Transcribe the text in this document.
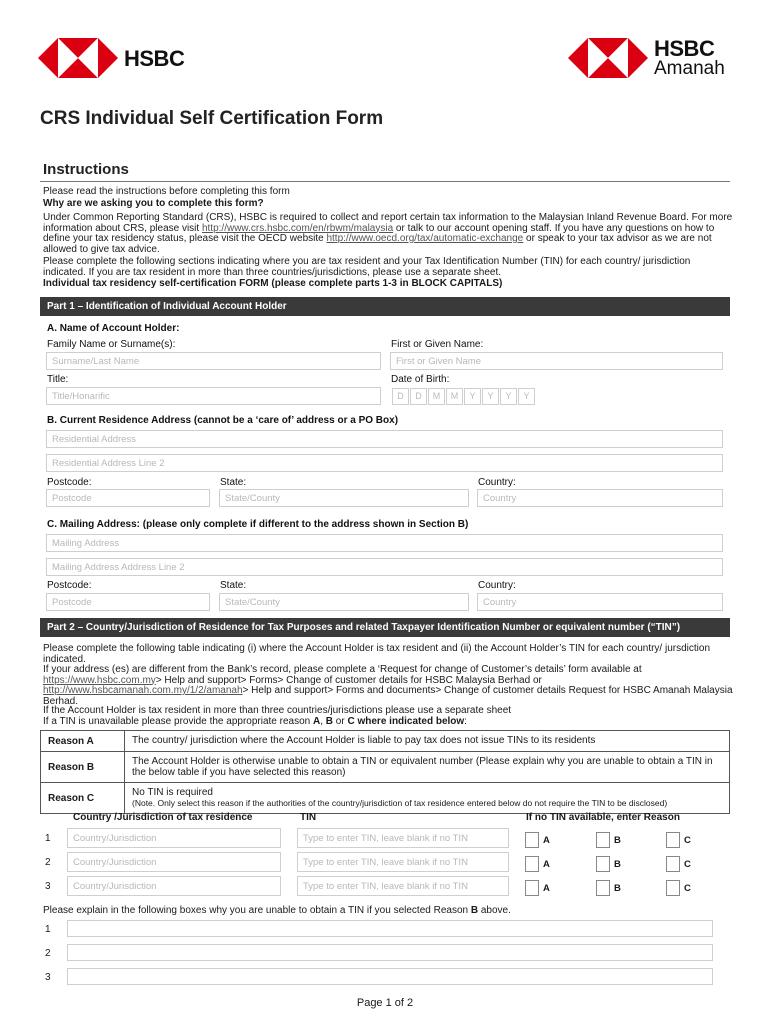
HSBC	HSBC
Amanah
CRS Individual Self Certification Form
Instructions
Please read the instructions before completing this form
Why are we asking you to complete this form?
Under Common Reporting Standard (CRS), HSBC is required to collect and report certain tax information to the Malaysian Inland Revenue Board. For more information about CRS, please visit http://www.crs.hsbc.com/en/rbwm/malaysia or talk to our account opening staff. If you have any questions on how to define your tax residency status, please visit the OECD website http://www.oecd.org/tax/automatic-exchange or speak to your tax advisor as we are not allowed to give tax advice.
Please complete the following sections indicating where you are tax resident and your Tax Identification Number (TIN) for each country/ jurisdiction indicated. If you are tax resident in more than three countries/jurisdictions, please use a separate sheet.
Individual tax residency self-certification FORM (please complete parts 1-3 in BLOCK CAPITALS)
Part 1 – Identification of Individual Account Holder
A. Name of Account Holder:
Family Name or Surname(s):	First or Given Name:
Surname/Last Name
First or Given Name
Title:	Date of Birth:
Title/Honarific
D	D	M	M	Y	Y	Y	Y
B. Current Residence Address (cannot be a ‘care of’ address or a PO Box)
Residential Address
Residential Address Line 2
Postcode:	State:	Country:
Postcode
State/County
Country
C. Mailing Address: (please only complete if different to the address shown in Section B)
Mailing Address
Mailing Address Address Line 2
Postcode:	State:	Country:
Postcode
State/County
Country
Part 2 – Country/Jurisdiction of Residence for Tax Purposes and related Taxpayer Identification Number or equivalent number (“TIN”)
Please complete the following table indicating (i) where the Account Holder is tax resident and (ii) the Account Holder’s TIN for each country/ jursdiction indicated.
If your address (es) are different from the Bank’s record, please complete a ‘Request for change of Customer’s details’ form available at https://www.hsbc.com.my> Help and support> Forms> Change of customer details for HSBC Malaysia Berhad or http://www.hsbcamanah.com.my/1/2/amanah> Help and support> Forms and documents> Change of customer details Request for HSBC Amanah Malaysia Berhad.
If the Account Holder is tax resident in more than three countries/jurisdictions please use a separate sheet
If a TIN is unavailable please provide the appropriate reason A, B or C where indicated below:
Reason A	The country/ jurisdiction where the Account Holder is liable to pay tax does not issue TINs to its residents
Reason B	The Account Holder is otherwise unable to obtain a TIN or equivalent number (Please explain why you are unable to obtain a TIN in the below table if you have selected this reason)
Reason C	No TIN is required
(Note. Only select this reason if the authorities of the country/jurisdiction of tax residence entered below do not require the TIN to be disclosed)
Country /Jurisdiction of tax residence	TIN	If no TIN available, enter Reason
1
Country/Jurisdiction
Type to enter TIN, leave blank if no TIN	A	B	C
2
Country/Jurisdiction
Type to enter TIN, leave blank if no TIN	A	B	C
3
Country/Jurisdiction
Type to enter TIN, leave blank if no TIN	A	B	C
Please explain in the following boxes why you are unable to obtain a TIN if you selected Reason B above.
1
2
3
Page 1 of 2
